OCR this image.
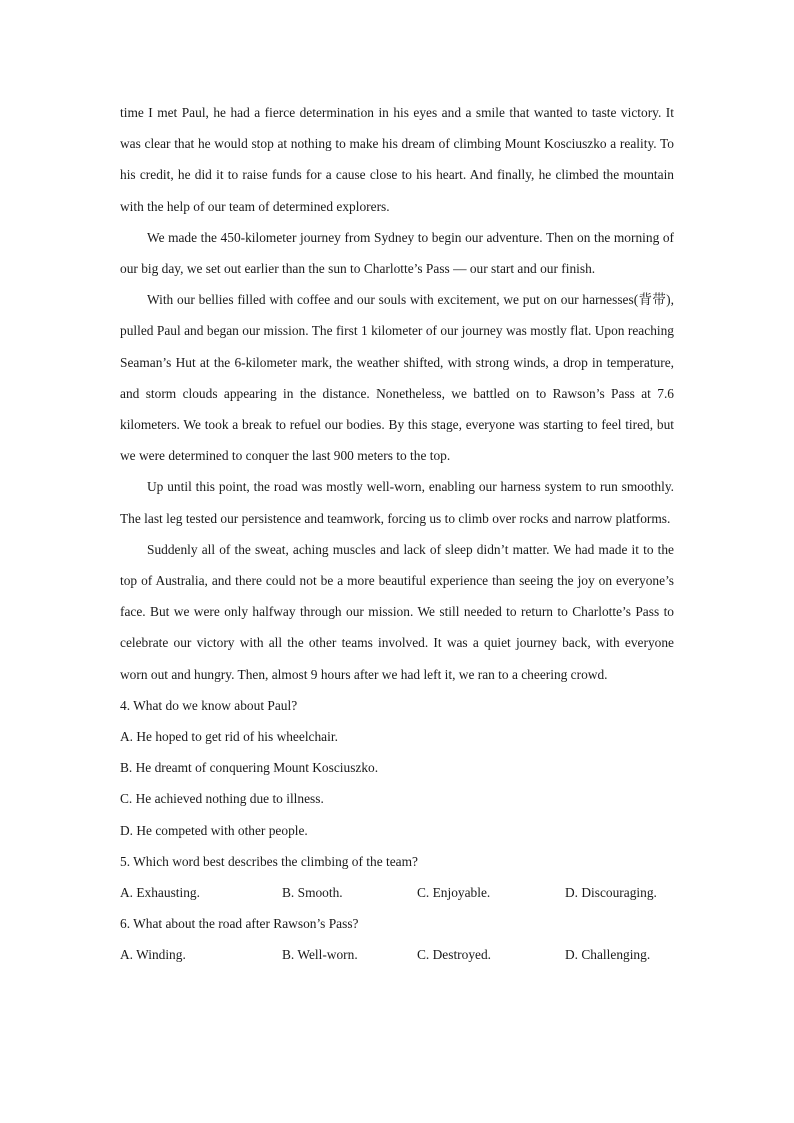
time I met Paul, he had a fierce determination in his eyes and a smile that wanted to taste victory. It was clear that he would stop at nothing to make his dream of climbing Mount Kosciuszko a reality. To his credit, he did it to raise funds for a cause close to his heart. And finally, he climbed the mountain with the help of our team of determined explorers.

We made the 450-kilometer journey from Sydney to begin our adventure. Then on the morning of our big day, we set out earlier than the sun to Charlotte’s Pass — our start and our finish.

With our bellies filled with coffee and our souls with excitement, we put on our harnesses(背带), pulled Paul and began our mission. The first 1 kilometer of our journey was mostly flat. Upon reaching Seaman’s Hut at the 6-kilometer mark, the weather shifted, with strong winds, a drop in temperature, and storm clouds appearing in the distance. Nonetheless, we battled on to Rawson’s Pass at 7.6 kilometers. We took a break to refuel our bodies. By this stage, everyone was starting to feel tired, but we were determined to conquer the last 900 meters to the top.

Up until this point, the road was mostly well-worn, enabling our harness system to run smoothly. The last leg tested our persistence and teamwork, forcing us to climb over rocks and narrow platforms.

Suddenly all of the sweat, aching muscles and lack of sleep didn’t matter. We had made it to the top of Australia, and there could not be a more beautiful experience than seeing the joy on everyone’s face. But we were only halfway through our mission. We still needed to return to Charlotte’s Pass to celebrate our victory with all the other teams involved. It was a quiet journey back, with everyone worn out and hungry. Then, almost 9 hours after we had left it, we ran to a cheering crowd.

4. What do we know about Paul?

A. He hoped to get rid of his wheelchair.

B. He dreamt of conquering Mount Kosciuszko.

C. He achieved nothing due to illness.

D. He competed with other people.

5. Which word best describes the climbing of the team?

A. Exhausting.	B. Smooth.	C. Enjoyable.	D. Discouraging.

6. What about the road after Rawson’s Pass?

A. Winding.	B. Well-worn.	C. Destroyed.	D. Challenging.
